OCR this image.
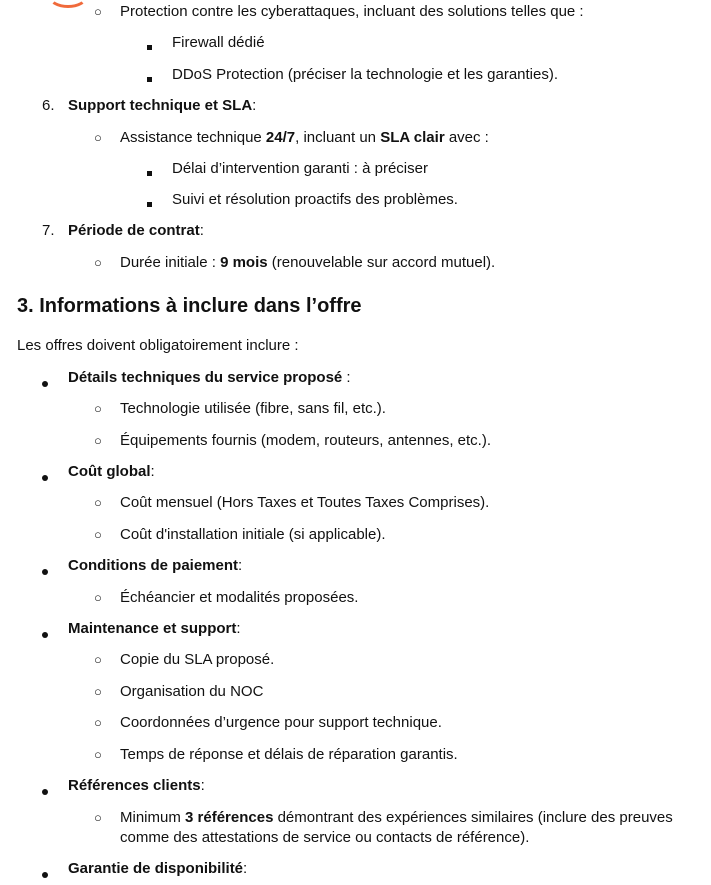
○ Protection contre les cyberattaques, incluant des solutions telles que :
Firewall dédié
DDoS Protection (préciser la technologie et les garanties).
6. Support technique et SLA:
○ Assistance technique 24/7, incluant un SLA clair avec :
Délai d’intervention garanti : à préciser
Suivi et résolution proactifs des problèmes.
7. Période de contrat:
○ Durée initiale : 9 mois (renouvelable sur accord mutuel).
3. Informations à inclure dans l’offre
Les offres doivent obligatoirement inclure :
Détails techniques du service proposé :
○ Technologie utilisée (fibre, sans fil, etc.).
○ Équipements fournis (modem, routeurs, antennes, etc.).
Coût global:
○ Coût mensuel (Hors Taxes et Toutes Taxes Comprises).
○ Coût d'installation initiale (si applicable).
Conditions de paiement:
○ Échéancier et modalités proposées.
Maintenance et support:
○ Copie du SLA proposé.
○ Organisation du NOC
○ Coordonnées d’urgence pour support technique.
○ Temps de réponse et délais de réparation garantis.
Références clients:
○ Minimum 3 références démontrant des expériences similaires (inclure des preuves
comme des attestations de service ou contacts de référence).
Garantie de disponibilité:
